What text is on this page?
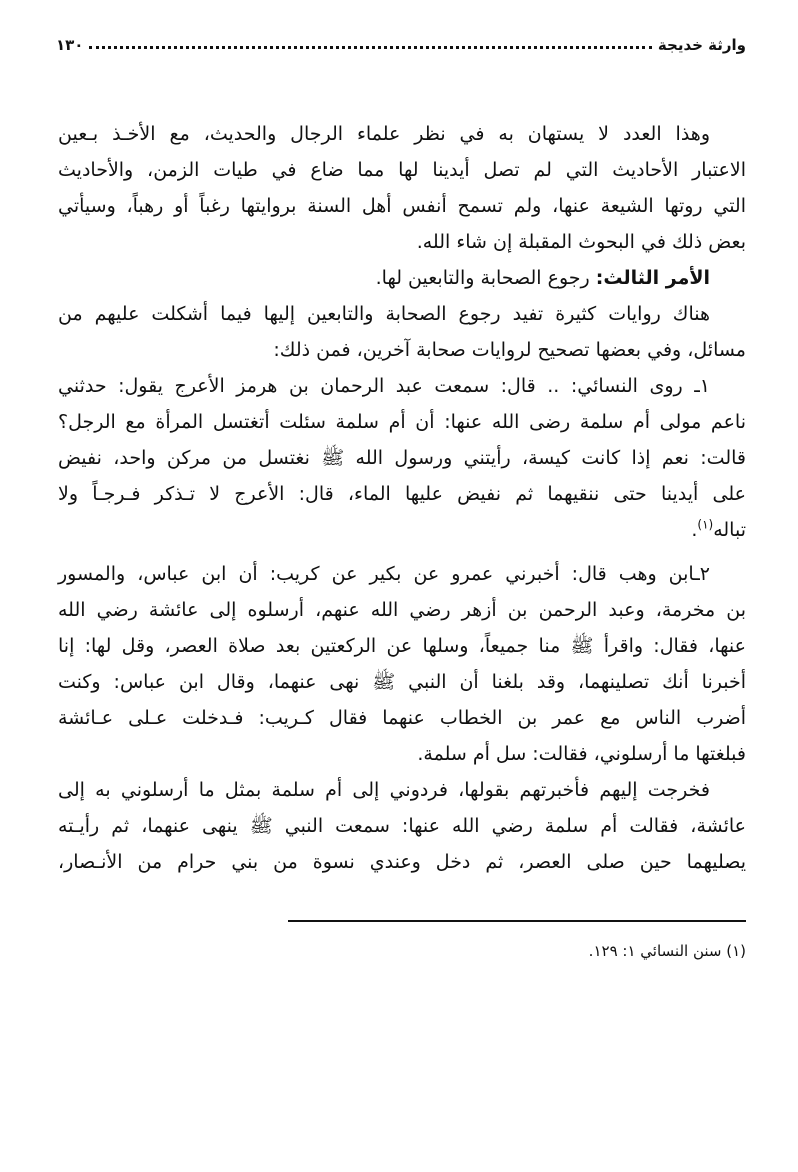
وارثة خديجة
١٣٠
وهذا العدد لا يستهان به في نظر علماء الرجال والحديث، مع الأخـذ بـعين
الاعتبار الأحاديث التي لم تصل أيدينا لها مما ضاع في طيات الزمن، والأحاديث
التي روتها الشيعة عنها، ولم تسمح أنفس أهل السنة بروايتها رغباً أو رهباً، وسيأتي
بعض ذلك في البحوث المقبلة إن شاء الله.
الأمر الثالث: رجوع الصحابة والتابعين لها.
هناك روايات كثيرة تفيد رجوع الصحابة والتابعين إليها فيما أشكلت عليهم من
مسائل، وفي بعضها تصحيح لروايات صحابة آخرين، فمن ذلك:
١ـ روى النسائي: .. قال: سمعت عبد الرحمان بن هرمز الأعرج يقول: حدثني
ناعم مولى أم سلمة رضى الله عنها: أن أم سلمة سئلت أتغتسل المرأة مع الرجل؟
قالت: نعم إذا كانت كيسة، رأيتني ورسول الله ﷺ نغتسل من مركن واحد، نفيض
على أيدينا حتى ننقيهما ثم نفيض عليها الماء، قال: الأعرج لا تـذكر فـرجـاً ولا
تباله$^{(١)}$.
٢ـابن وهب قال: أخبرني عمرو عن بكير عن كريب: أن ابن عباس، والمسور
بن مخرمة، وعبد الرحمن بن أزهر رضي الله عنهم، أرسلوه إلى عائشة رضي الله
عنها، فقال: واقرأ ﷺ منا جميعاً، وسلها عن الركعتين بعد صلاة العصر، وقل لها: إنا
أخبرنا أنك تصلينهما، وقد بلغنا أن النبي ﷺ نهى عنهما، وقال ابن عباس: وكنت
أضرب الناس مع عمر بن الخطاب عنهما فقال كـريب: فـدخلت عـلى عـائشة
فبلغتها ما أرسلوني، فقالت: سل أم سلمة.
فخرجت إليهم فأخبرتهم بقولها، فردوني إلى أم سلمة بمثل ما أرسلوني به إلى
عائشة، فقالت أم سلمة رضي الله عنها: سمعت النبي ﷺ ينهى عنهما، ثم رأيـته
يصليهما حين صلى العصر، ثم دخل وعندي نسوة من بني حرام من الأنـصار،
(١) سنن النسائي ١: ١٢٩.
